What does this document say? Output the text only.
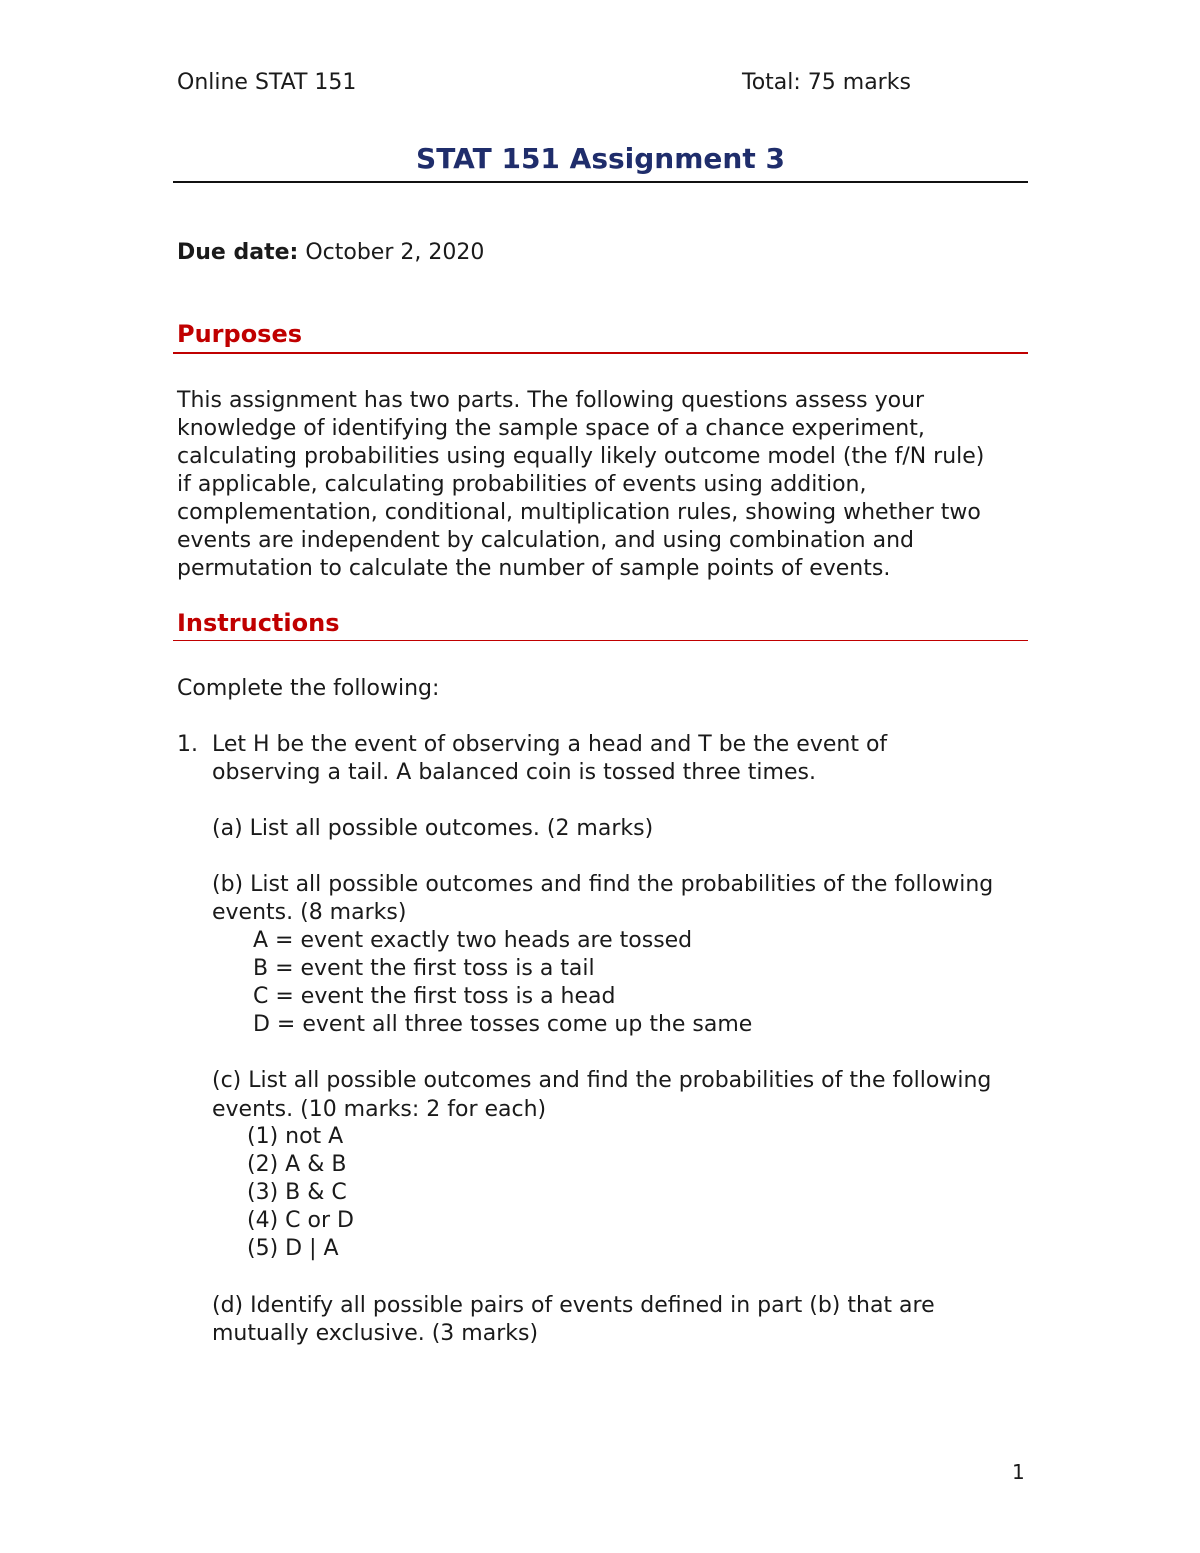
Online STAT 151	Total: 75 marks
STAT 151 Assignment 3
Due date: October 2, 2020
Purposes
This assignment has two parts. The following questions assess your
knowledge of identifying the sample space of a chance experiment,
calculating probabilities using equally likely outcome model (the f/N rule)
if applicable, calculating probabilities of events using addition,
complementation, conditional, multiplication rules, showing whether two
events are independent by calculation, and using combination and
permutation to calculate the number of sample points of events.
Instructions
Complete the following:
1. Let H be the event of observing a head and T be the event of
observing a tail. A balanced coin is tossed three times.
(a) List all possible outcomes. (2 marks)
(b) List all possible outcomes and find the probabilities of the following
events. (8 marks)
A = event exactly two heads are tossed
B = event the first toss is a tail
C = event the first toss is a head
D = event all three tosses come up the same
(c) List all possible outcomes and find the probabilities of the following
events. (10 marks: 2 for each)
(1) not A
(2) A & B
(3) B & C
(4) C or D
(5) D | A
(d) Identify all possible pairs of events defined in part (b) that are
mutually exclusive. (3 marks)
1
